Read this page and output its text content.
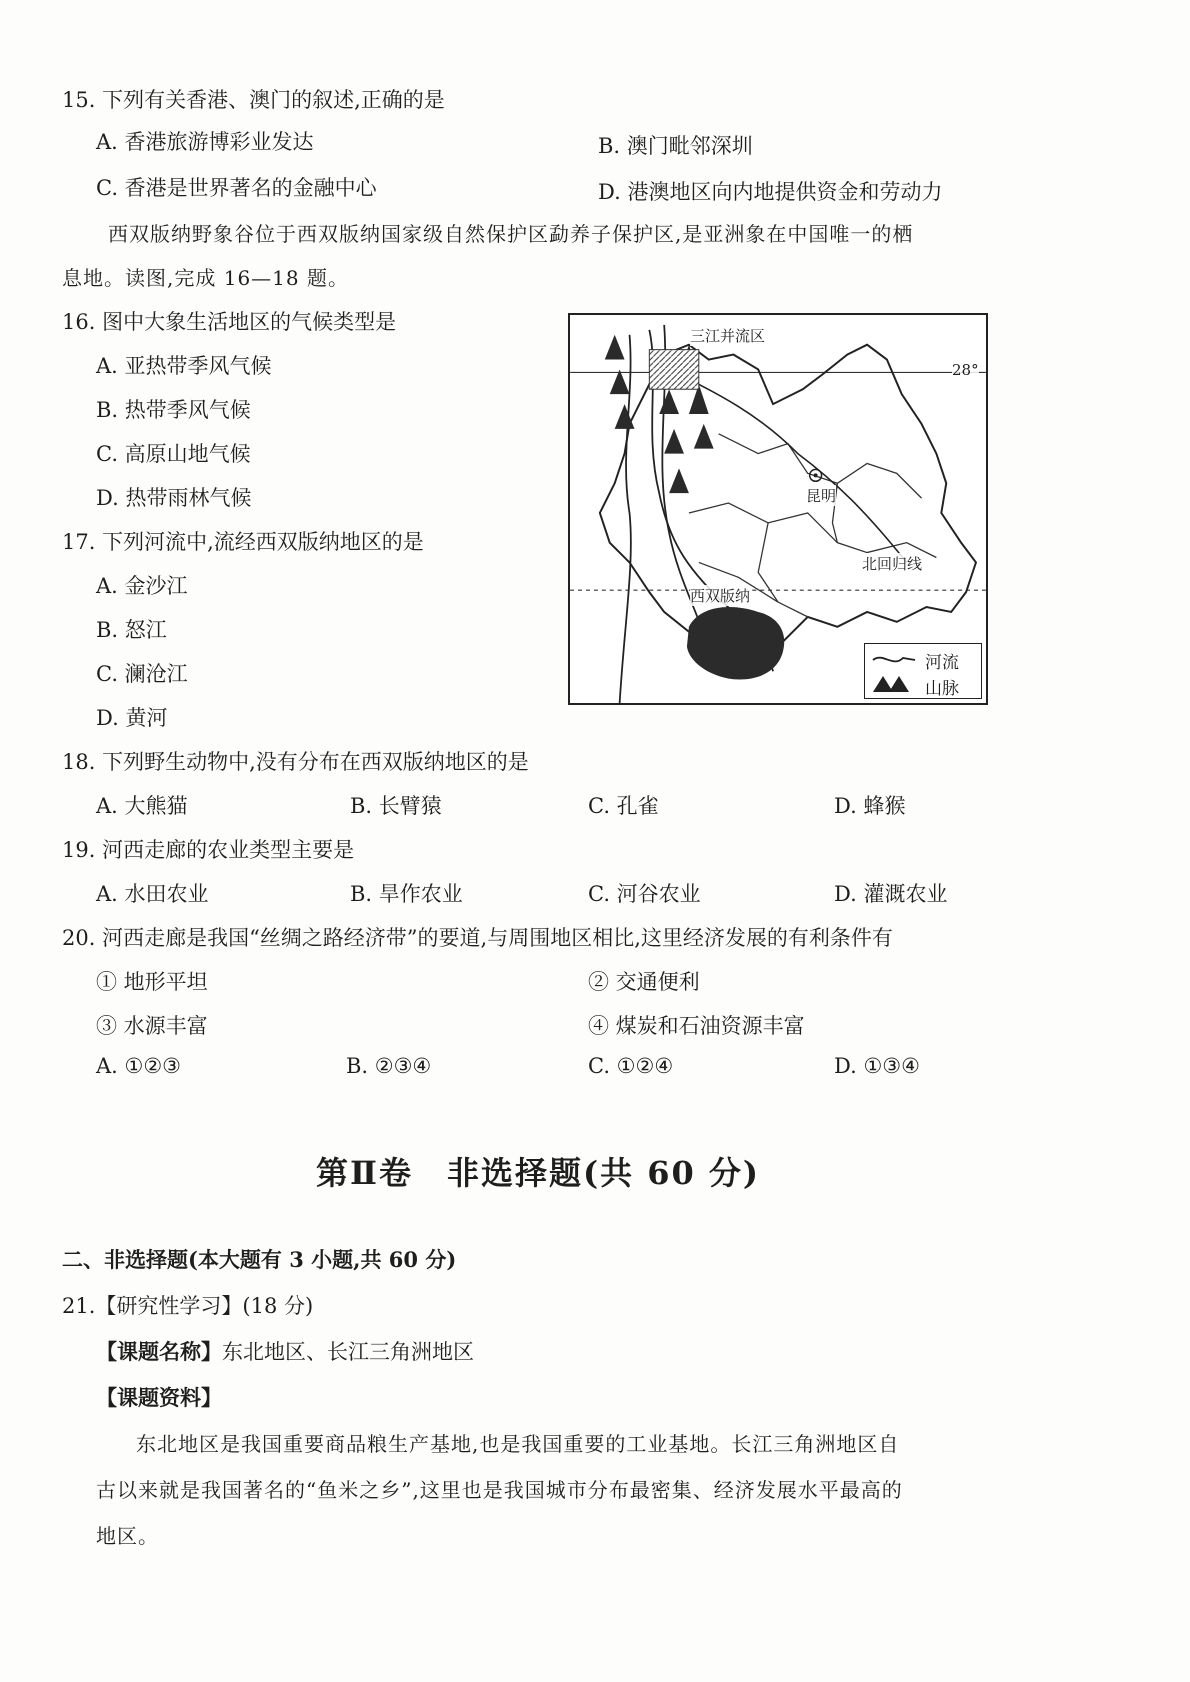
15. 下列有关香港、澳门的叙述,正确的是
A. 香港旅游博彩业发达	B. 澳门毗邻深圳
C. 香港是世界著名的金融中心	D. 港澳地区向内地提供资金和劳动力
西双版纳野象谷位于西双版纳国家级自然保护区勐养子保护区,是亚洲象在中国唯一的栖
息地。读图,完成 16—18 题。
16. 图中大象生活地区的气候类型是
A. 亚热带季风气候
B. 热带季风气候
C. 高原山地气候
D. 热带雨林气候
17. 下列河流中,流经西双版纳地区的是
A. 金沙江
B. 怒江
C. 澜沧江
D. 黄河
三江并流区
28°
昆明
北回归线
西双版纳
河流
山脉
18. 下列野生动物中,没有分布在西双版纳地区的是
A. 大熊猫	B. 长臂猿	C. 孔雀	D. 蜂猴
19. 河西走廊的农业类型主要是
A. 水田农业	B. 旱作农业	C. 河谷农业	D. 灌溉农业
20. 河西走廊是我国“丝绸之路经济带”的要道,与周围地区相比,这里经济发展的有利条件有
① 地形平坦	② 交通便利
③ 水源丰富	④ 煤炭和石油资源丰富
A. ①②③	B. ②③④	C. ①②④	D. ①③④
第Ⅱ卷　非选择题(共 60 分)
二、非选择题(本大题有 3 小题,共 60 分)
21.【研究性学习】(18 分)
【课题名称】东北地区、长江三角洲地区
【课题资料】
东北地区是我国重要商品粮生产基地,也是我国重要的工业基地。长江三角洲地区自
古以来就是我国著名的“鱼米之乡”,这里也是我国城市分布最密集、经济发展水平最高的
地区。
